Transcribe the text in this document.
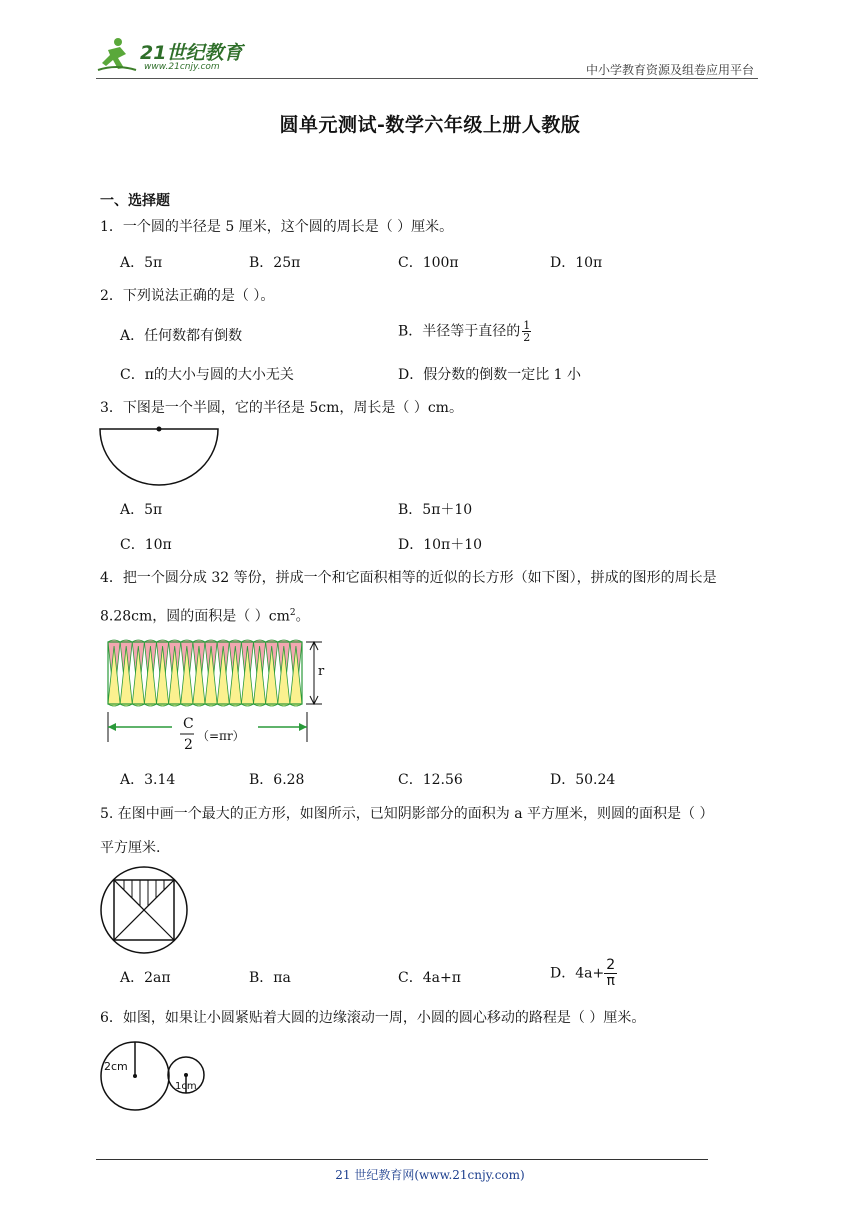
21世纪教育
www.21cnjy.com	中小学教育资源及组卷应用平台
圆单元测试-数学六年级上册人教版
一、选择题
1．一个圆的半径是 5 厘米，这个圆的周长是（ ）厘米。
A．5π	B．25π	C．100π	D．10π
2．下列说法正确的是（ ）。
A．任何数都有倒数	B．半径等于直径的 $\frac{1}{2}$
C．π的大小与圆的大小无关	D．假分数的倒数一定比 1 小
3．下图是一个半圆，它的半径是 5cm，周长是（ ）cm。
A．5π	B．5π＋10
C．10π	D．10π＋10
4．把一个圆分成 32 等份，拼成一个和它面积相等的近似的长方形（如下图），拼成的图形的周长是
8.28cm，圆的面积是（ ）$cm^2$。
r
C
2
（=πr）
A．3.14	B．6.28	C．12.56	D．50.24
5. 在图中画一个最大的正方形，如图所示，已知阴影部分的面积为 a 平方厘米，则圆的面积是（ ）
平方厘米.
A．2aπ	B．πa	C．4a+π	D．$4a+ \frac{2}{\pi}$
6．如图，如果让小圆紧贴着大圆的边缘滚动一周，小圆的圆心移动的路程是（ ）厘米。
2cm
1cm
21 世纪教育网(www.21cnjy.com)
